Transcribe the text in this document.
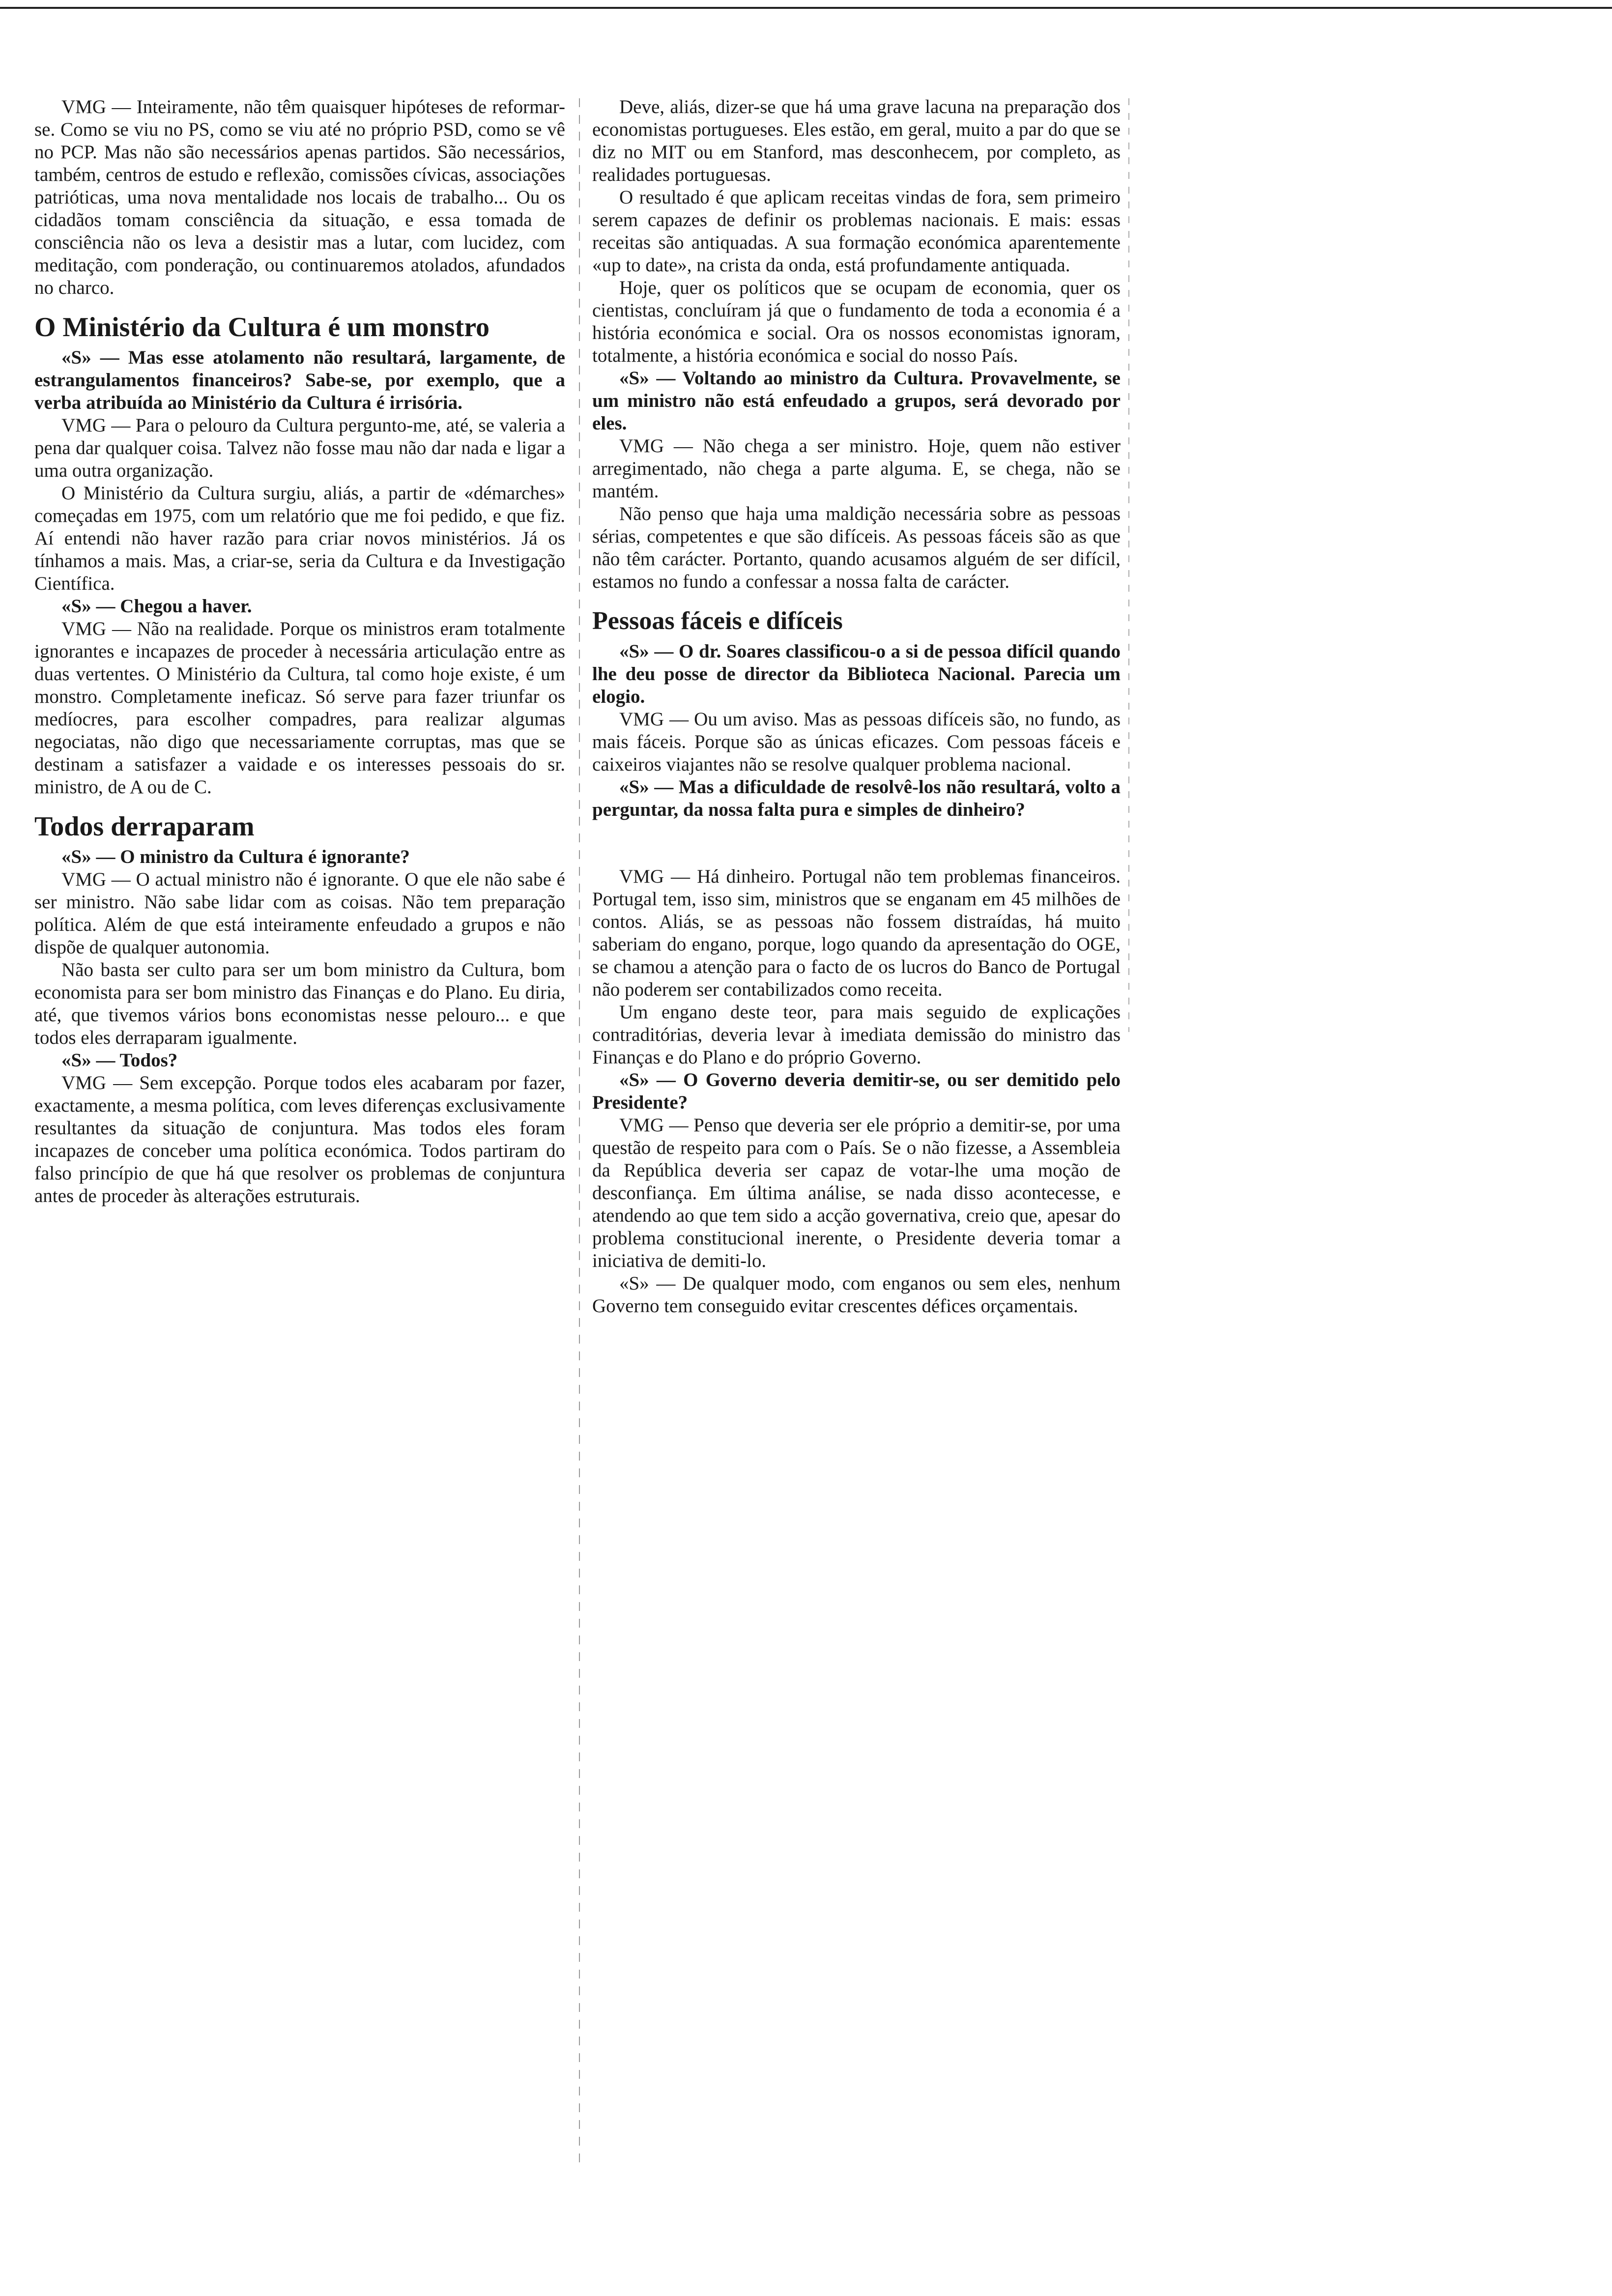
VMG — Inteiramente, não têm quaisquer hipóteses de reformar-se. Como se viu no PS, como se viu até no próprio PSD, como se vê no PCP. Mas não são necessários apenas partidos. São necessários, também, centros de estudo e reflexão, comissões cívicas, associações patrióticas, uma nova mentalidade nos locais de trabalho... Ou os cidadãos tomam consciência da situação, e essa tomada de consciência não os leva a desistir mas a lutar, com lucidez, com meditação, com ponderação, ou continuaremos atolados, afundados no charco.

O Ministério da Cultura é um monstro

«S» — Mas esse atolamento não resultará, largamente, de estrangulamentos financeiros? Sabe-se, por exemplo, que a verba atribuída ao Ministério da Cultura é irrisória.

VMG — Para o pelouro da Cultura pergunto-me, até, se valeria a pena dar qualquer coisa. Talvez não fosse mau não dar nada e ligar a uma outra organização.

O Ministério da Cultura surgiu, aliás, a partir de «démarches» começadas em 1975, com um relatório que me foi pedido, e que fiz. Aí entendi não haver razão para criar novos ministérios. Já os tínhamos a mais. Mas, a criar-se, seria da Cultura e da Investigação Científica.

«S» — Chegou a haver.

VMG — Não na realidade. Porque os ministros eram totalmente ignorantes e incapazes de proceder à necessária articulação entre as duas vertentes. O Ministério da Cultura, tal como hoje existe, é um monstro. Completamente ineficaz. Só serve para fazer triunfar os medíocres, para escolher compadres, para realizar algumas negociatas, não digo que necessariamente corruptas, mas que se destinam a satisfazer a vaidade e os interesses pessoais do sr. ministro, de A ou de C.

Todos derraparam

«S» — O ministro da Cultura é ignorante?

VMG — O actual ministro não é ignorante. O que ele não sabe é ser ministro. Não sabe lidar com as coisas. Não tem preparação política. Além de que está inteiramente enfeudado a grupos e não dispõe de qualquer autonomia.

Não basta ser culto para ser um bom ministro da Cultura, bom economista para ser bom ministro das Finanças e do Plano. Eu diria, até, que tivemos vários bons economistas nesse pelouro... e que todos eles derraparam igualmente.

«S» — Todos?

VMG — Sem excepção. Porque todos eles acabaram por fazer, exactamente, a mesma política, com leves diferenças exclusivamente resultantes da situação de conjuntura. Mas todos eles foram incapazes de conceber uma política económica. Todos partiram do falso princípio de que há que resolver os problemas de conjuntura antes de proceder às alterações estruturais.

Deve, aliás, dizer-se que há uma grave lacuna na preparação dos economistas portugueses. Eles estão, em geral, muito a par do que se diz no MIT ou em Stanford, mas desconhecem, por completo, as realidades portuguesas.

O resultado é que aplicam receitas vindas de fora, sem primeiro serem capazes de definir os problemas nacionais. E mais: essas receitas são antiquadas. A sua formação económica aparentemente «up to date», na crista da onda, está profundamente antiquada.

Hoje, quer os políticos que se ocupam de economia, quer os cientistas, concluíram já que o fundamento de toda a economia é a história económica e social. Ora os nossos economistas ignoram, totalmente, a história económica e social do nosso País.

«S» — Voltando ao ministro da Cultura. Provavelmente, se um ministro não está enfeudado a grupos, será devorado por eles.

VMG — Não chega a ser ministro. Hoje, quem não estiver arregimentado, não chega a parte alguma. E, se chega, não se mantém.

Não penso que haja uma maldição necessária sobre as pessoas sérias, competentes e que são difíceis. As pessoas fáceis são as que não têm carácter. Portanto, quando acusamos alguém de ser difícil, estamos no fundo a confessar a nossa falta de carácter.

Pessoas fáceis e difíceis

«S» — O dr. Soares classificou-o a si de pessoa difícil quando lhe deu posse de director da Biblioteca Nacional. Parecia um elogio.

VMG — Ou um aviso. Mas as pessoas difíceis são, no fundo, as mais fáceis. Porque são as únicas eficazes. Com pessoas fáceis e caixeiros viajantes não se resolve qualquer problema nacional.

«S» — Mas a dificuldade de resolvê-los não resultará, volto a perguntar, da nossa falta pura e simples de dinheiro?

VMG — Há dinheiro. Portugal não tem problemas financeiros. Portugal tem, isso sim, ministros que se enganam em 45 milhões de contos. Aliás, se as pessoas não fossem distraídas, há muito saberiam do engano, porque, logo quando da apresentação do OGE, se chamou a atenção para o facto de os lucros do Banco de Portugal não poderem ser contabilizados como receita.

Um engano deste teor, para mais seguido de explicações contraditórias, deveria levar à imediata demissão do ministro das Finanças e do Plano e do próprio Governo.

«S» — O Governo deveria demitir-se, ou ser demitido pelo Presidente?

VMG — Penso que deveria ser ele próprio a demitir-se, por uma questão de respeito para com o País. Se o não fizesse, a Assembleia da República deveria ser capaz de votar-lhe uma moção de desconfiança. Em última análise, se nada disso acontecesse, e atendendo ao que tem sido a acção governativa, creio que, apesar do problema constitucional inerente, o Presidente deveria tomar a iniciativa de demiti-lo.

«S» — De qualquer modo, com enganos ou sem eles, nenhum Governo tem conseguido evitar crescentes défices orçamentais.
